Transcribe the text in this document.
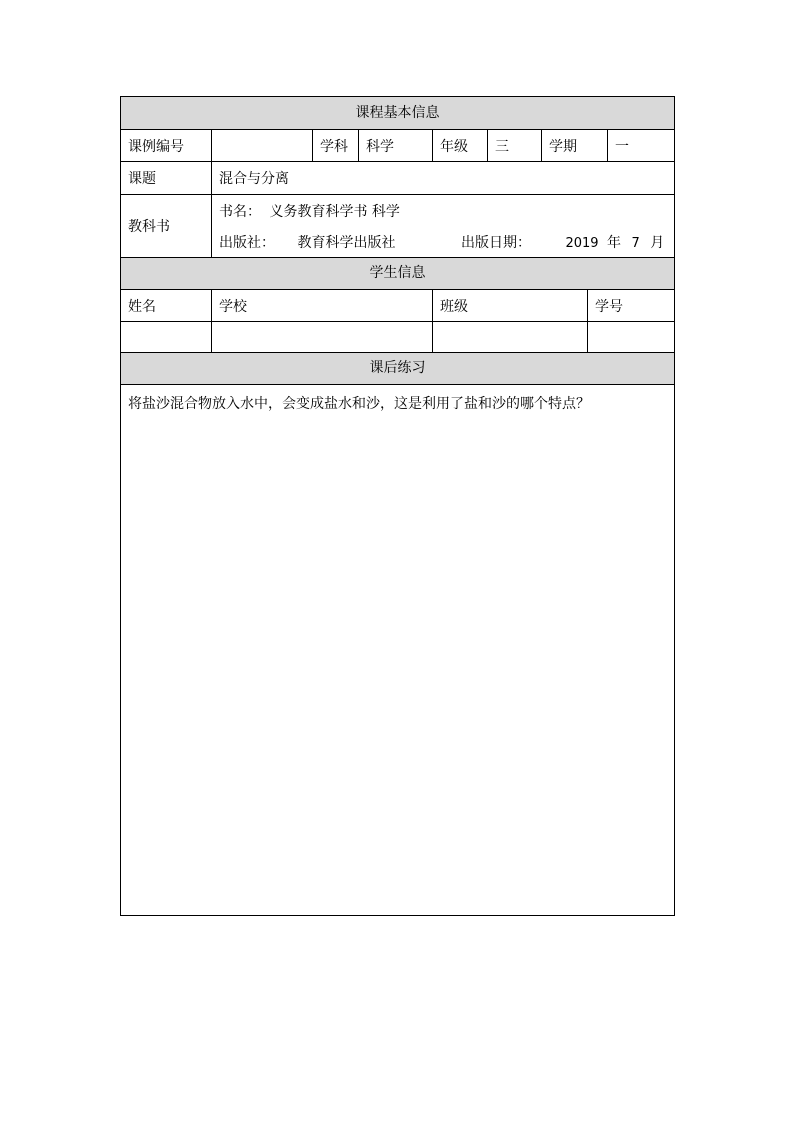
课程基本信息
课例编号	学科 科学	年级 三	学期	一
课题	混合与分离
教科书
书名： 义务教育科学书 科学
出版社： 教育科学出版社	出版日期：	2019 年 7 月
学生信息
姓名	学校	班级	学号
课后练习
将盐沙混合物放入水中，会变成盐水和沙，这是利用了盐和沙的哪个特点？
